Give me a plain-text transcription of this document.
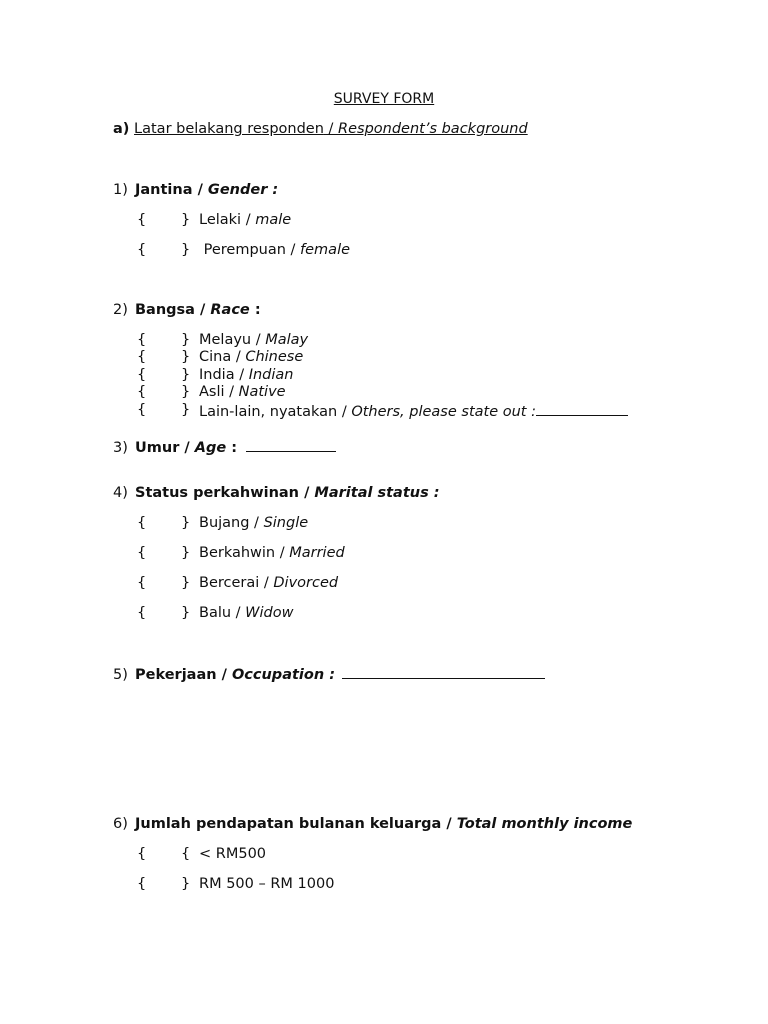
SURVEY FORM
a) Latar belakang responden / Respondent’s background
1) Jantina / Gender :
{ } Lelaki / male
{ } Perempuan / female
2) Bangsa / Race :
{ } Melayu / Malay
{ } Cina / Chinese
{ } India / Indian
{ } Asli / Native
{ } Lain-lain, nyatakan / Others, please state out :
3) Umur / Age :
4) Status perkahwinan / Marital status :
{ } Bujang / Single
{ } Berkahwin / Married
{ } Bercerai / Divorced
{ } Balu / Widow
5) Pekerjaan / Occupation :
6) Jumlah pendapatan bulanan keluarga / Total monthly income
{ { < RM500
{ } RM 500 – RM 1000
